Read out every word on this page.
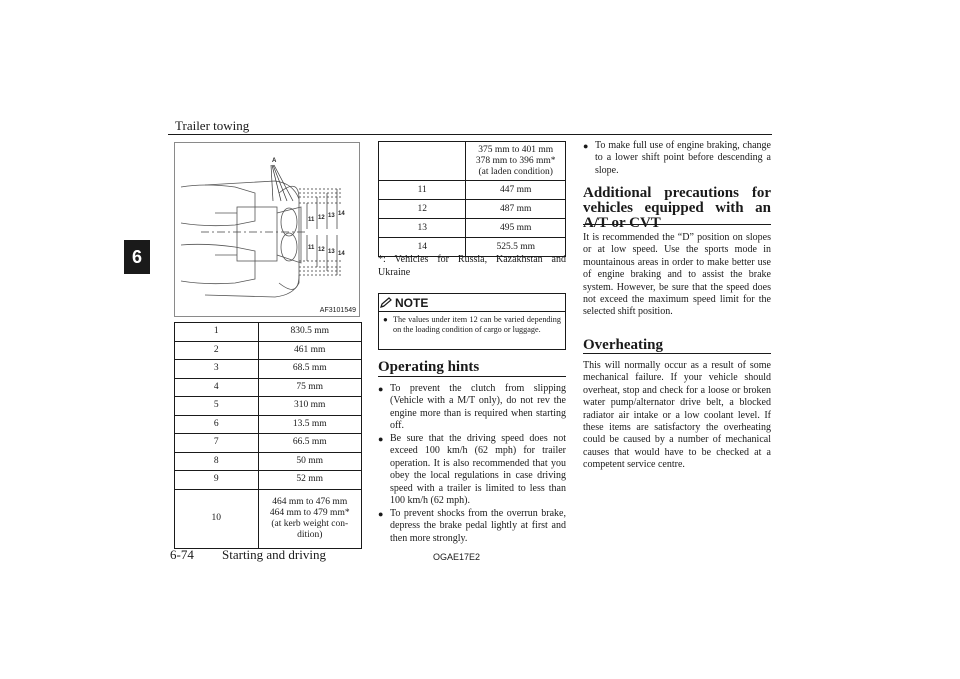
Trailer towing
6
A
11 12 13 14
11 12 13 14
AF3101549
1	830.5 mm
2	461 mm
3	68.5 mm
4	75 mm
5	310 mm
6	13.5 mm
7	66.5 mm
8	50 mm
9	52 mm
10	464 mm to 476 mm
464 mm to 479 mm*
(at kerb weight con-
dition)

	375 mm to 401 mm
378 mm to 396 mm*
(at laden condition)

11	447 mm
12	487 mm
13	495 mm
14	525.5 mm
*: Vehicles for Russia, Kazakhstan and Ukraine
NOTE
● The values under item 12 can be varied depending on the loading condition of cargo or luggage.
Operating hints
● To prevent the clutch from slipping (Vehicle with a M/T only), do not rev the engine more than is required when starting off.
● Be sure that the driving speed does not exceed 100 km/h (62 mph) for trailer operation. It is also recommended that you obey the local regulations in case driving speed with a trailer is limited to less than 100 km/h (62 mph).
● To prevent shocks from the overrun brake, depress the brake pedal lightly at first and then more strongly.
● To make full use of engine braking, change to a lower shift point before descending a slope.
Additional precautions for vehicles equipped with an A/T or CVT
It is recommended the “D” position on slopes or at low speed. Use the sports mode in mountainous areas in order to make better use of engine braking and to assist the brake system. However, be sure that the speed does not exceed the maximum speed limit for the selected shift position.
Overheating
This will normally occur as a result of some mechanical failure. If your vehicle should overheat, stop and check for a loose or broken water pump/alternator drive belt, a blocked radiator air intake or a low coolant level. If these items are satisfactory the overheating could be caused by a number of mechanical causes that would have to be checked at a competent service centre.
6-74 Starting and driving	OGAE17E2
